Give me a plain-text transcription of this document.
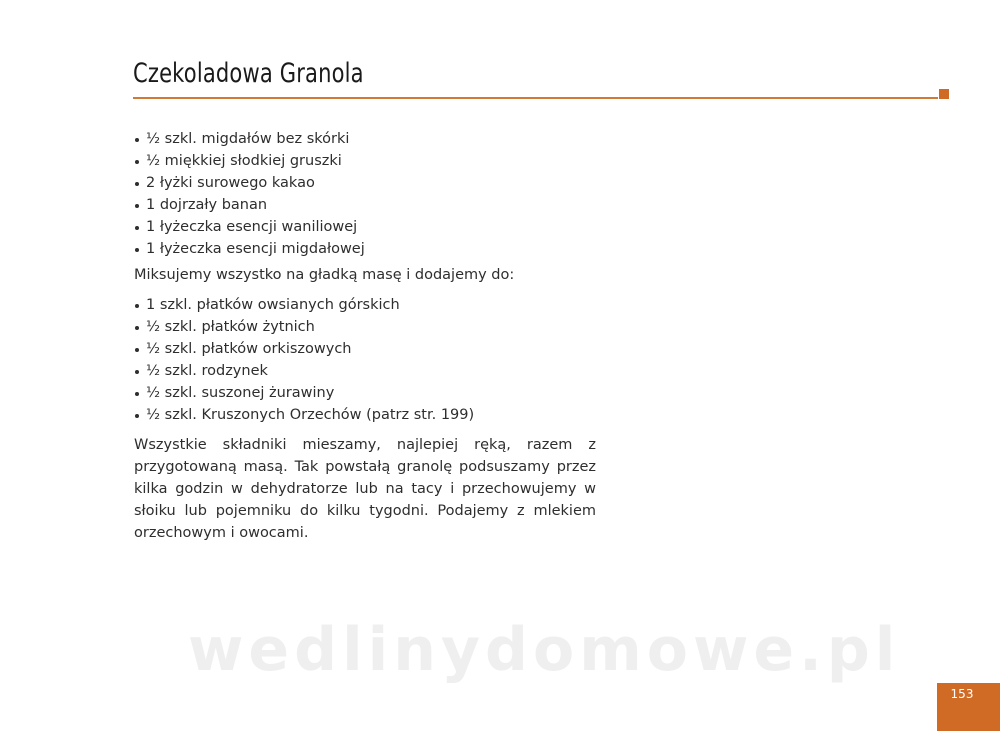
Czekoladowa Granola
½ szkl. migdałów bez skórki
½ miękkiej słodkiej gruszki
2 łyżki surowego kakao
1 dojrzały banan
1 łyżeczka esencji waniliowej
1 łyżeczka esencji migdałowej

Miksujemy wszystko na gładką masę i dodajemy do:

1 szkl. płatków owsianych górskich
½ szkl. płatków żytnich
½ szkl. płatków orkiszowych
½ szkl. rodzynek
½ szkl. suszonej żurawiny
½ szkl. Kruszonych Orzechów (patrz str. 199)

Wszystkie składniki mieszamy, najlepiej ręką, razem z przygotowaną masą. Tak powstałą granolę podsuszamy przez kilka godzin w dehydratorze lub na tacy i przechowujemy w słoiku lub pojemniku do kilku tygodni. Podajemy z mlekiem orzechowym i owocami.

wedlinydomowe.pl
153
